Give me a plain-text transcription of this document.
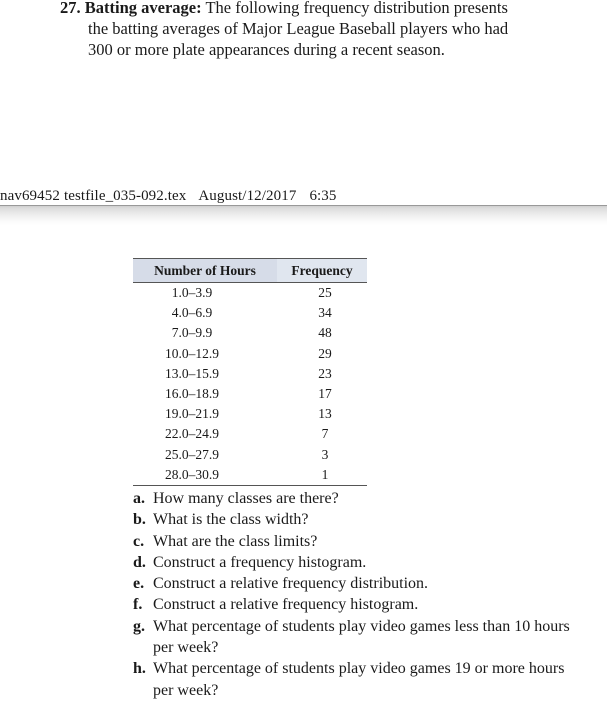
27. Batting average: The following frequency distribution presents
the batting averages of Major League Baseball players who had
300 or more plate appearances during a recent season.
nav69452 testfile_035-092.tex August/12/2017 6:35
Number of Hours	Frequency
1.0–3.9	25
4.0–6.9	34
7.0–9.9	48
10.0–12.9	29
13.0–15.9	23
16.0–18.9	17
19.0–21.9	13
22.0–24.9	7
25.0–27.9	3
28.0–30.9	1
a. How many classes are there?
b. What is the class width?
c. What are the class limits?
d. Construct a frequency histogram.
e. Construct a relative frequency distribution.
f. Construct a relative frequency histogram.
g. What percentage of students play video games less than 10 hours per week?
h. What percentage of students play video games 19 or more hours per week?
